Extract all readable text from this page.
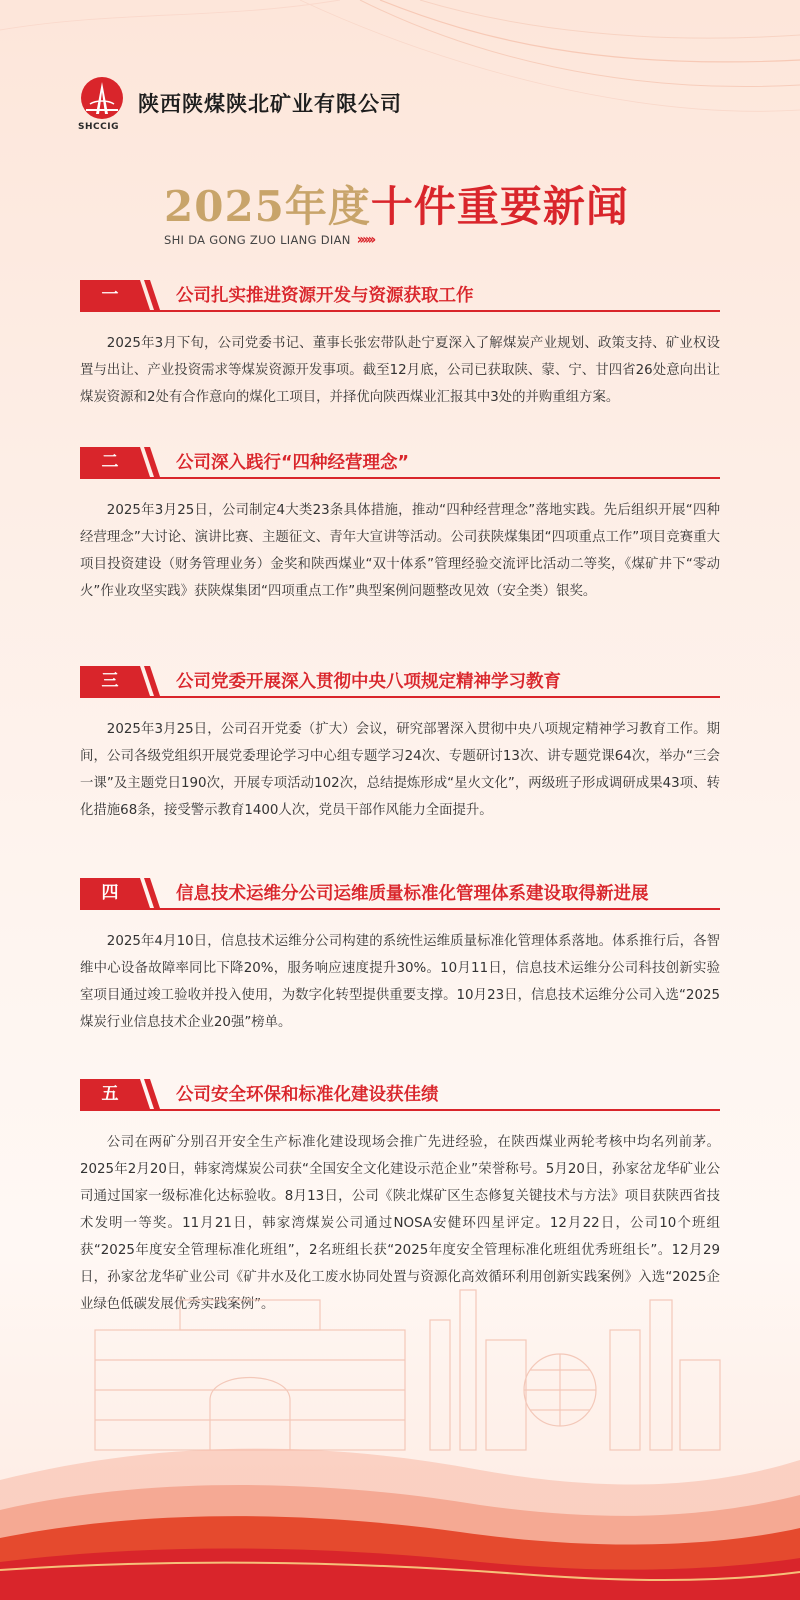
SHCCIG
陕西陕煤陕北矿业有限公司
2025年度十件重要新闻
SHI DA GONG ZUO LIANG DIAN ››››››
一	公司扎实推进资源开发与资源获取工作
2025年3月下旬，公司党委书记、董事长张宏带队赴宁夏深入了解煤炭产业规划、政策支持、矿业权设置与出让、产业投资需求等煤炭资源开发事项。截至12月底，公司已获取陕、蒙、宁、甘四省26处意向出让煤炭资源和2处有合作意向的煤化工项目，并择优向陕西煤业汇报其中3处的并购重组方案。
二	公司深入践行“四种经营理念”
2025年3月25日，公司制定4大类23条具体措施，推动“四种经营理念”落地实践。先后组织开展“四种经营理念”大讨论、演讲比赛、主题征文、青年大宣讲等活动。公司获陕煤集团“四项重点工作”项目竞赛重大项目投资建设（财务管理业务）金奖和陕西煤业“双十体系”管理经验交流评比活动二等奖，《煤矿井下“零动火”作业攻坚实践》获陕煤集团“四项重点工作”典型案例问题整改见效（安全类）银奖。
三	公司党委开展深入贯彻中央八项规定精神学习教育
2025年3月25日，公司召开党委（扩大）会议，研究部署深入贯彻中央八项规定精神学习教育工作。期间，公司各级党组织开展党委理论学习中心组专题学习24次、专题研讨13次、讲专题党课64次，举办“三会一课”及主题党日190次，开展专项活动102次，总结提炼形成“星火文化”，两级班子形成调研成果43项、转化措施68条，接受警示教育1400人次，党员干部作风能力全面提升。
四	信息技术运维分公司运维质量标准化管理体系建设取得新进展
2025年4月10日，信息技术运维分公司构建的系统性运维质量标准化管理体系落地。体系推行后，各智维中心设备故障率同比下降20%，服务响应速度提升30%。10月11日，信息技术运维分公司科技创新实验室项目通过竣工验收并投入使用，为数字化转型提供重要支撑。10月23日，信息技术运维分公司入选“2025煤炭行业信息技术企业20强”榜单。
五	公司安全环保和标准化建设获佳绩
公司在两矿分别召开安全生产标准化建设现场会推广先进经验，在陕西煤业两轮考核中均名列前茅。2025年2月20日，韩家湾煤炭公司获“全国安全文化建设示范企业”荣誉称号。5月20日，孙家岔龙华矿业公司通过国家一级标准化达标验收。8月13日，公司《陕北煤矿区生态修复关键技术与方法》项目获陕西省技术发明一等奖。11月21日，韩家湾煤炭公司通过NOSA安健环四星评定。12月22日，公司10个班组获“2025年度安全管理标准化班组”，2名班组长获“2025年度安全管理标准化班组优秀班组长”。12月29日，孙家岔龙华矿业公司《矿井水及化工废水协同处置与资源化高效循环利用创新实践案例》入选“2025企业绿色低碳发展优秀实践案例”。
